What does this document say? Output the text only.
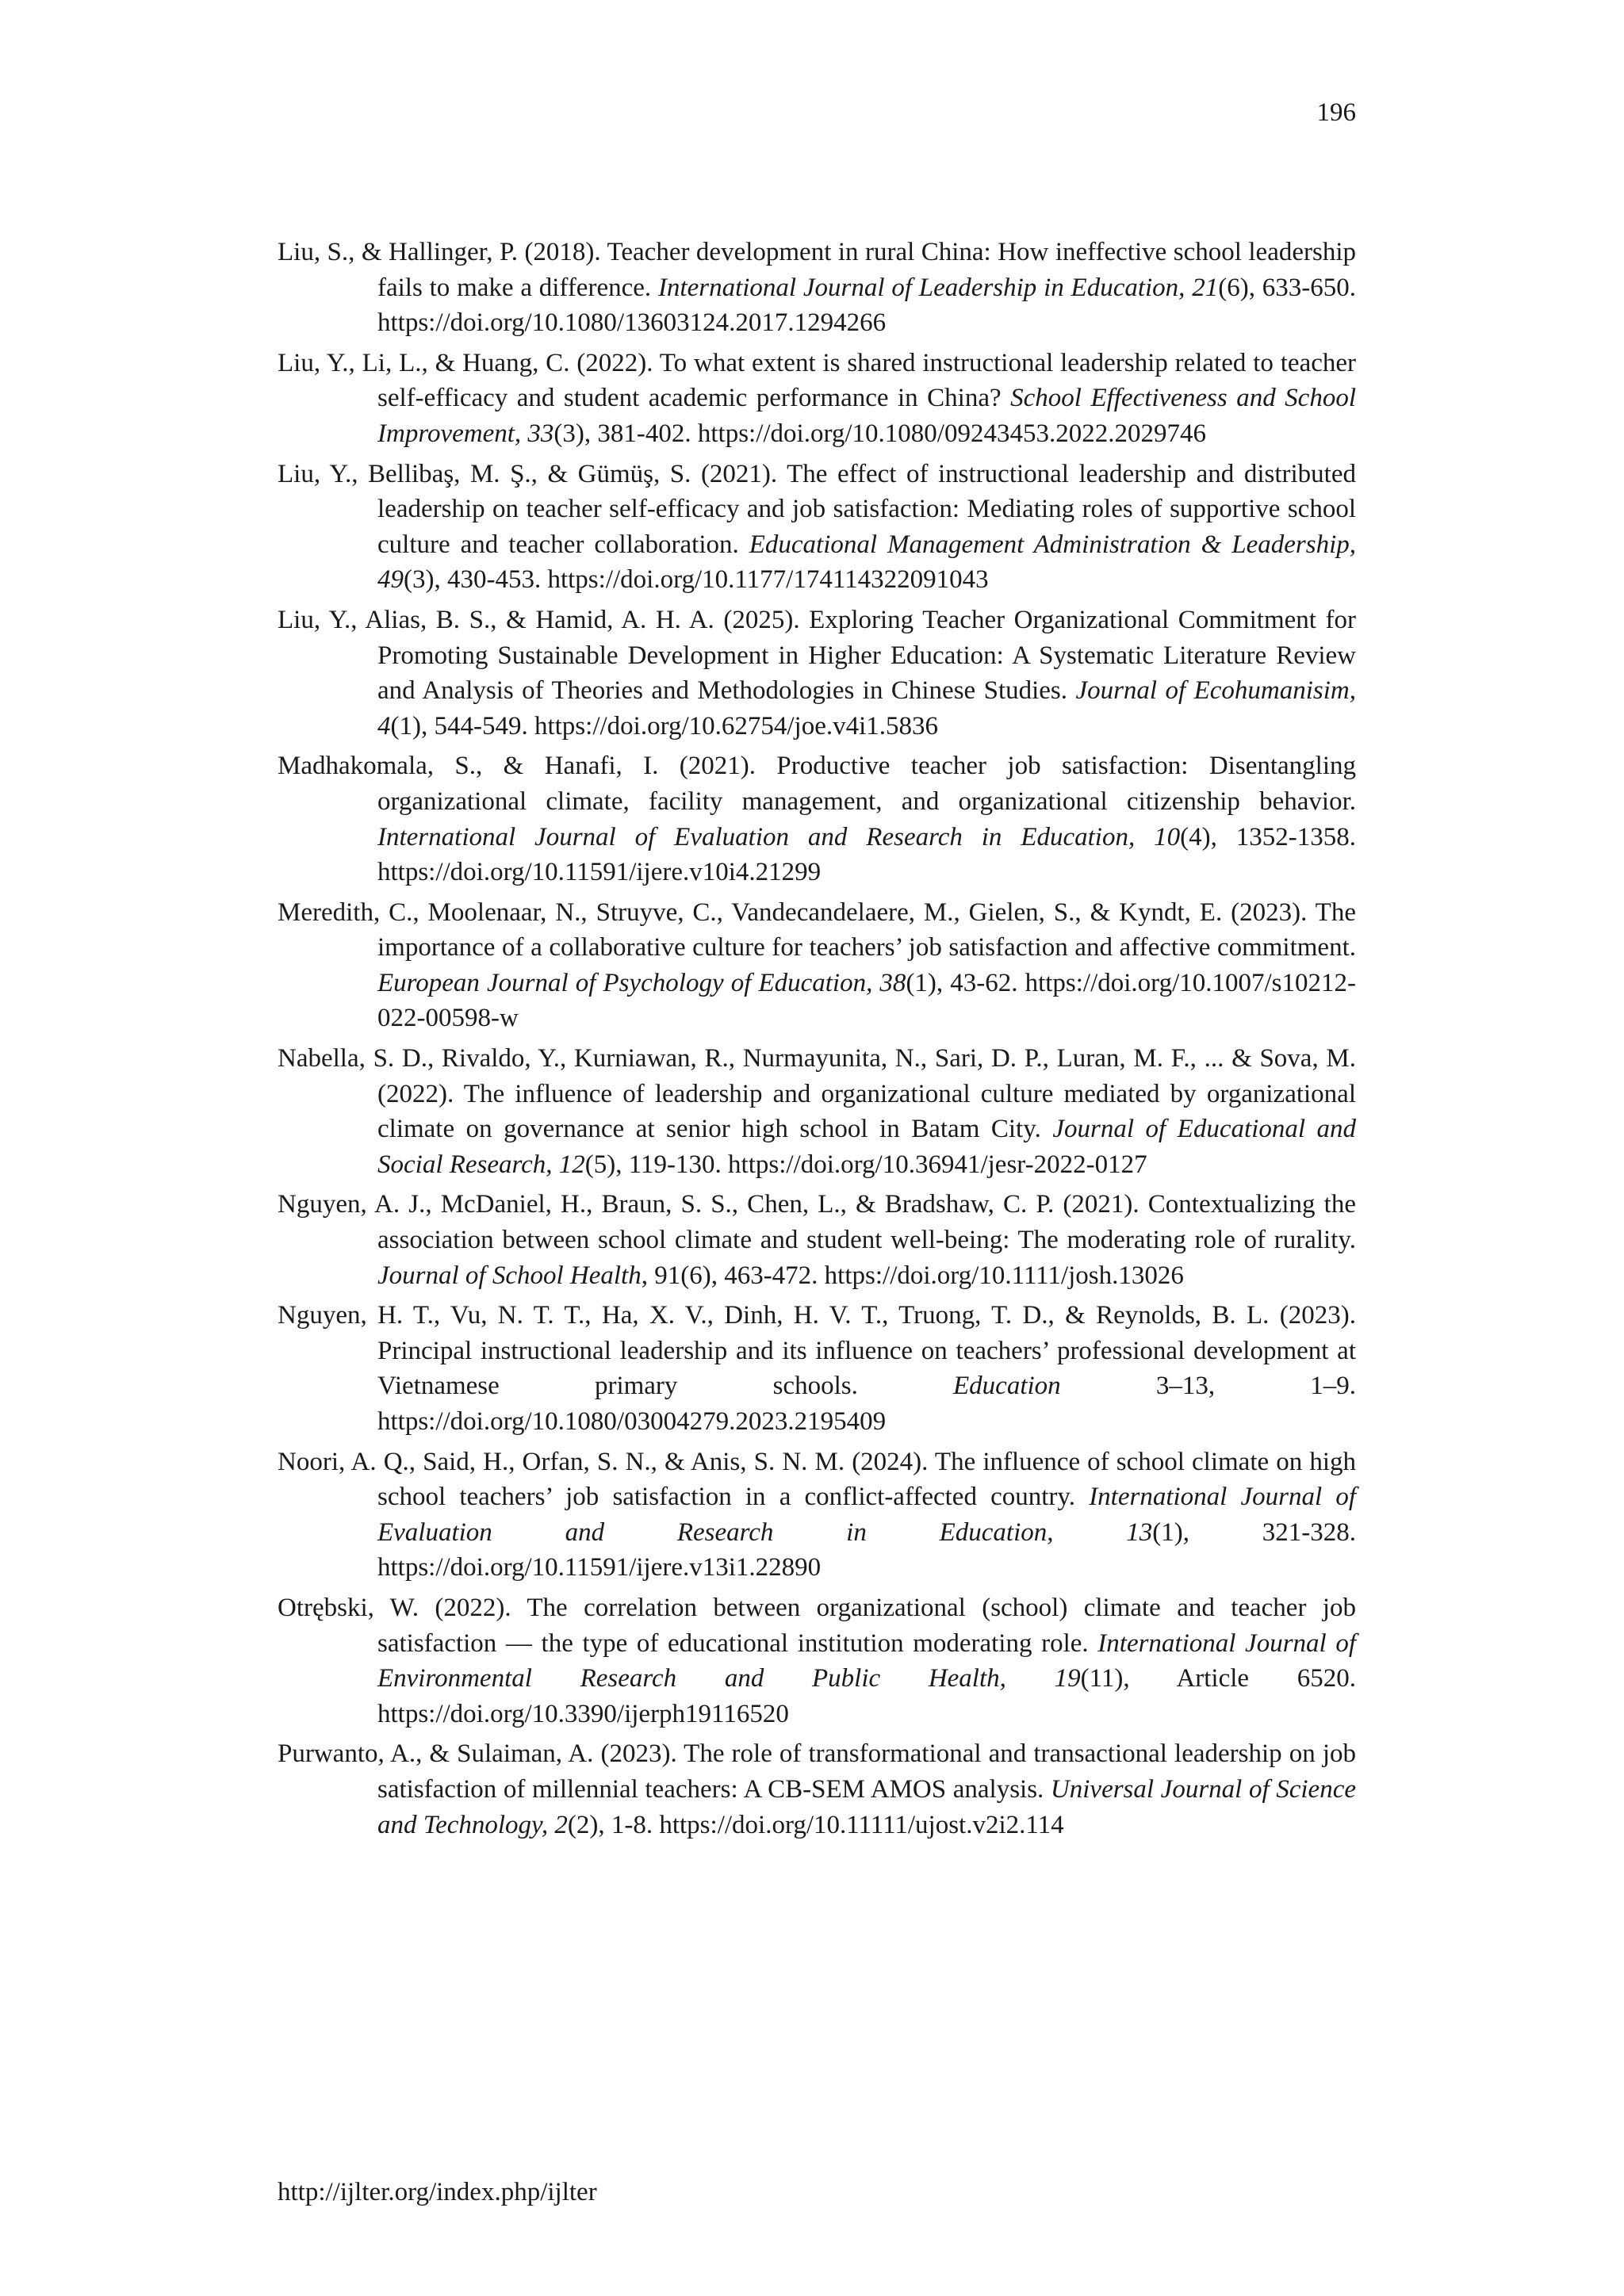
196

Liu, S., & Hallinger, P. (2018). Teacher development in rural China: How ineffective school leadership fails to make a difference. International Journal of Leadership in Education, 21(6), 633-650. https://doi.org/10.1080/13603124.2017.1294266

Liu, Y., Li, L., & Huang, C. (2022). To what extent is shared instructional leadership related to teacher self-efficacy and student academic performance in China? School Effectiveness and School Improvement, 33(3), 381-402. https://doi.org/10.1080/09243453.2022.2029746

Liu, Y., Bellibaş, M. Ş., & Gümüş, S. (2021). The effect of instructional leadership and distributed leadership on teacher self-efficacy and job satisfaction: Mediating roles of supportive school culture and teacher collaboration. Educational Management Administration & Leadership, 49(3), 430-453. https://doi.org/10.1177/174114322091043

Liu, Y., Alias, B. S., & Hamid, A. H. A. (2025). Exploring Teacher Organizational Commitment for Promoting Sustainable Development in Higher Education: A Systematic Literature Review and Analysis of Theories and Methodologies in Chinese Studies. Journal of Ecohumanisim, 4(1), 544-549. https://doi.org/10.62754/joe.v4i1.5836

Madhakomala, S., & Hanafi, I. (2021). Productive teacher job satisfaction: Disentangling organizational climate, facility management, and organizational citizenship behavior. International Journal of Evaluation and Research in Education, 10(4), 1352-1358. https://doi.org/10.11591/ijere.v10i4.21299

Meredith, C., Moolenaar, N., Struyve, C., Vandecandelaere, M., Gielen, S., & Kyndt, E. (2023). The importance of a collaborative culture for teachers’ job satisfaction and affective commitment. European Journal of Psychology of Education, 38(1), 43-62. https://doi.org/10.1007/s10212-022-00598-w

Nabella, S. D., Rivaldo, Y., Kurniawan, R., Nurmayunita, N., Sari, D. P., Luran, M. F., ... & Sova, M. (2022). The influence of leadership and organizational culture mediated by organizational climate on governance at senior high school in Batam City. Journal of Educational and Social Research, 12(5), 119-130. https://doi.org/10.36941/jesr-2022-0127

Nguyen, A. J., McDaniel, H., Braun, S. S., Chen, L., & Bradshaw, C. P. (2021). Contextualizing the association between school climate and student well‐being: The moderating role of rurality. Journal of School Health, 91(6), 463‐472. https://doi.org/10.1111/josh.13026

Nguyen, H. T., Vu, N. T. T., Ha, X. V., Dinh, H. V. T., Truong, T. D., & Reynolds, B. L. (2023). Principal instructional leadership and its influence on teachers’ professional development at Vietnamese primary schools. Education 3–13, 1–9. https://doi.org/10.1080/03004279.2023.2195409

Noori, A. Q., Said, H., Orfan, S. N., & Anis, S. N. M. (2024). The influence of school climate on high school teachers’ job satisfaction in a conflict-affected country. International Journal of Evaluation and Research in Education, 13(1), 321-328. https://doi.org/10.11591/ijere.v13i1.22890

Otrębski, W. (2022). The correlation between organizational (school) climate and teacher job satisfaction — the type of educational institution moderating role. International Journal of Environmental Research and Public Health, 19(11), Article 6520. https://doi.org/10.3390/ijerph19116520

Purwanto, A., & Sulaiman, A. (2023). The role of transformational and transactional leadership on job satisfaction of millennial teachers: A CB-SEM AMOS analysis. Universal Journal of Science and Technology, 2(2), 1-8. https://doi.org/10.11111/ujost.v2i2.114

http://ijlter.org/index.php/ijlter
